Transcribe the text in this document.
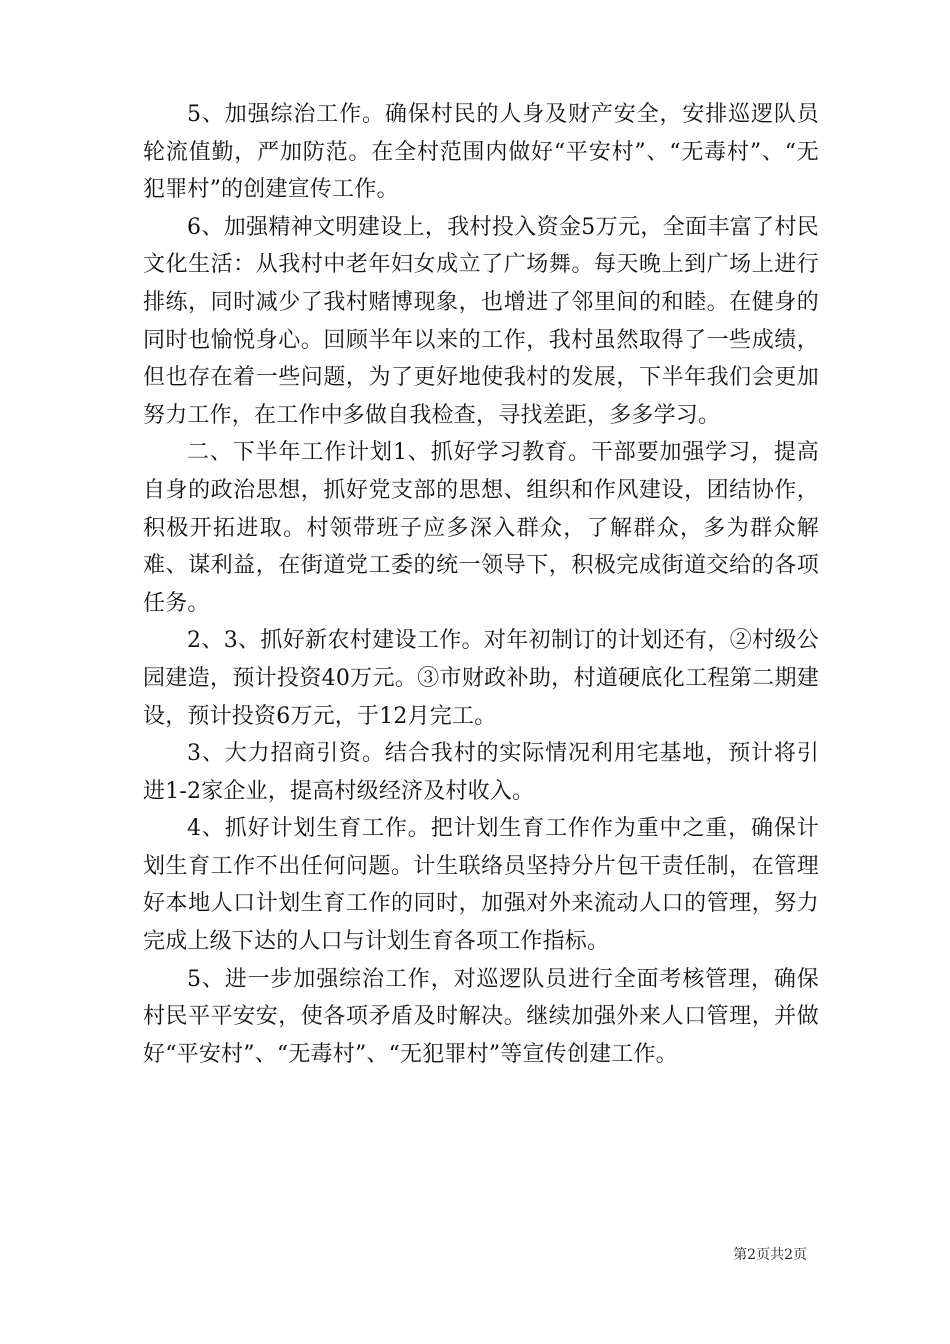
5、加强综治工作。确保村民的人身及财产安全，安排巡逻队员轮流值勤，严加防范。在全村范围内做好“平安村”、“无毒村”、“无犯罪村”的创建宣传工作。

6、加强精神文明建设上，我村投入资金5万元，全面丰富了村民文化生活：从我村中老年妇女成立了广场舞。每天晚上到广场上进行排练，同时减少了我村赌博现象，也增进了邻里间的和睦。在健身的同时也愉悦身心。回顾半年以来的工作，我村虽然取得了一些成绩，但也存在着一些问题，为了更好地使我村的发展，下半年我们会更加努力工作，在工作中多做自我检查，寻找差距，多多学习。

二、下半年工作计划1、抓好学习教育。干部要加强学习，提高自身的政治思想，抓好党支部的思想、组织和作风建设，团结协作，积极开拓进取。村领带班子应多深入群众，了解群众，多为群众解难、谋利益，在街道党工委的统一领导下，积极完成街道交给的各项任务。

2、3、抓好新农村建设工作。对年初制订的计划还有，②村级公园建造，预计投资40万元。③市财政补助，村道硬底化工程第二期建设，预计投资6万元，于12月完工。

3、大力招商引资。结合我村的实际情况利用宅基地，预计将引进1-2家企业，提高村级经济及村收入。

4、抓好计划生育工作。把计划生育工作作为重中之重，确保计划生育工作不出任何问题。计生联络员坚持分片包干责任制，在管理好本地人口计划生育工作的同时，加强对外来流动人口的管理，努力完成上级下达的人口与计划生育各项工作指标。

5、进一步加强综治工作，对巡逻队员进行全面考核管理，确保村民平平安安，使各项矛盾及时解决。继续加强外来人口管理，并做好“平安村”、“无毒村”、“无犯罪村”等宣传创建工作。

第2页共2页
